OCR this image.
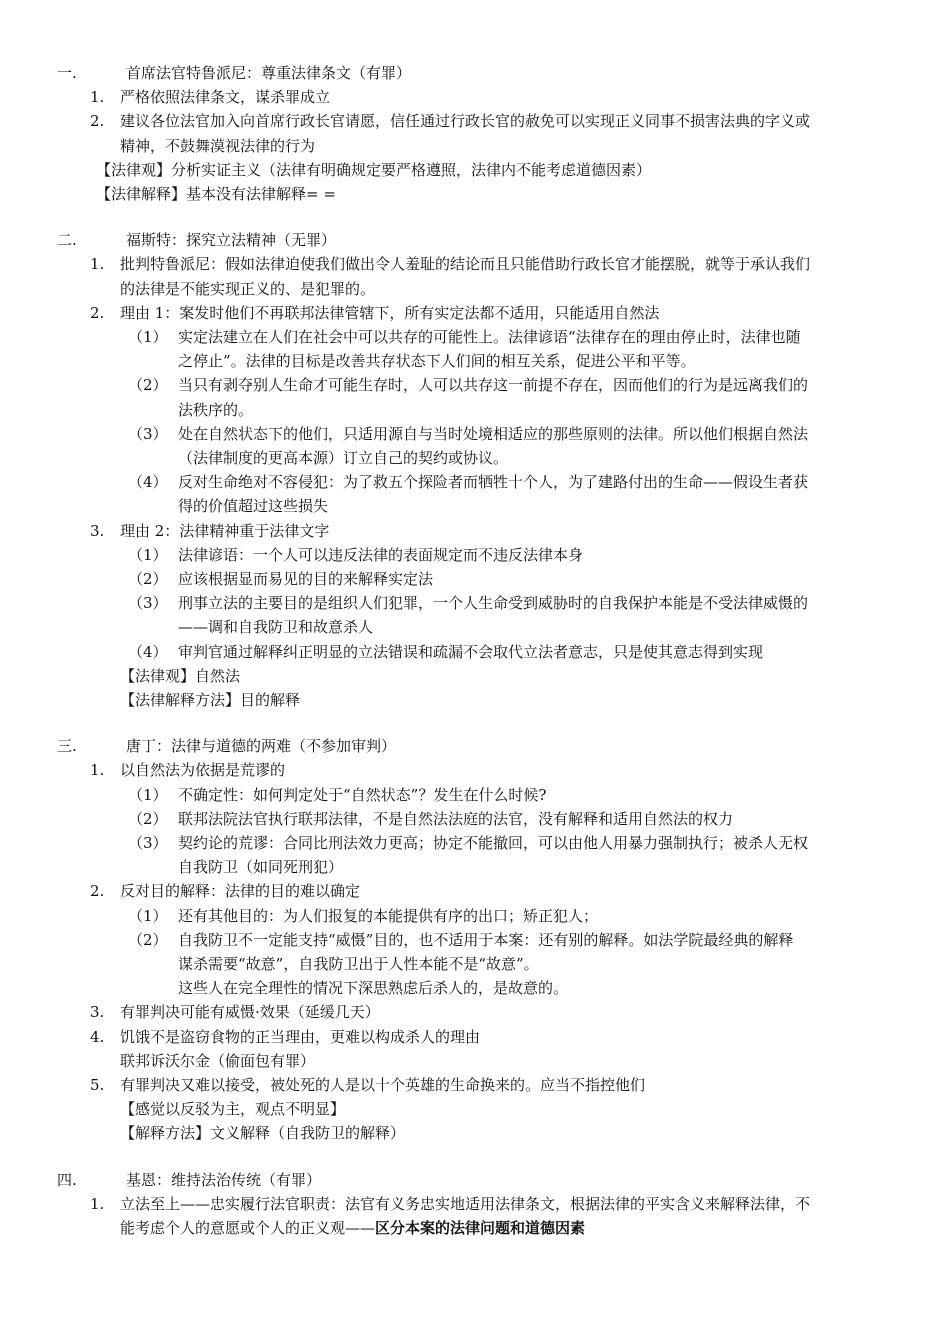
一.	首席法官特鲁派尼：尊重法律条文（有罪）
1. 严格依照法律条文，谋杀罪成立
2. 建议各位法官加入向首席行政长官请愿，信任通过行政长官的赦免可以实现正义同事不损害法典的字义或
精神，不鼓舞漠视法律的行为
【法律观】分析实证主义（法律有明确规定要严格遵照，法律内不能考虑道德因素）
【法律解释】基本没有法律解释= =
二.	福斯特：探究立法精神（无罪）
1. 批判特鲁派尼：假如法律迫使我们做出令人羞耻的结论而且只能借助行政长官才能摆脱，就等于承认我们
的法律是不能实现正义的、是犯罪的。
2. 理由 1：案发时他们不再联邦法律管辖下，所有实定法都不适用，只能适用自然法
（1） 实定法建立在人们在社会中可以共存的可能性上。法律谚语“法律存在的理由停止时，法律也随
之停止”。法律的目标是改善共存状态下人们间的相互关系，促进公平和平等。
（2） 当只有剥夺别人生命才可能生存时，人可以共存这一前提不存在，因而他们的行为是远离我们的
法秩序的。
（3） 处在自然状态下的他们，只适用源自与当时处境相适应的那些原则的法律。所以他们根据自然法
（法律制度的更高本源）订立自己的契约或协议。
（4） 反对生命绝对不容侵犯：为了救五个探险者而牺牲十个人，为了建路付出的生命——假设生者获
得的价值超过这些损失
3. 理由 2：法律精神重于法律文字
（1） 法律谚语：一个人可以违反法律的表面规定而不违反法律本身
（2） 应该根据显而易见的目的来解释实定法
（3） 刑事立法的主要目的是组织人们犯罪，一个人生命受到威胁时的自我保护本能是不受法律威慑的
——调和自我防卫和故意杀人
（4） 审判官通过解释纠正明显的立法错误和疏漏不会取代立法者意志，只是使其意志得到实现
【法律观】自然法
【法律解释方法】目的解释
三.	唐丁：法律与道德的两难（不参加审判）
1. 以自然法为依据是荒谬的
（1） 不确定性：如何判定处于“自然状态”？发生在什么时候?
（2） 联邦法院法官执行联邦法律，不是自然法法庭的法官，没有解释和适用自然法的权力
（3） 契约论的荒谬：合同比刑法效力更高；协定不能撤回，可以由他人用暴力强制执行；被杀人无权
自我防卫（如同死刑犯）
2. 反对目的解释：法律的目的难以确定
（1） 还有其他目的：为人们报复的本能提供有序的出口；矫正犯人；
（2） 自我防卫不一定能支持“威慑”目的，也不适用于本案：还有别的解释。如法学院最经典的解释
谋杀需要“故意”，自我防卫出于人性本能不是“故意”。
这些人在完全理性的情况下深思熟虑后杀人的，是故意的。
3. 有罪判决可能有威慑·效果（延缓几天）
4. 饥饿不是盗窃食物的正当理由，更难以构成杀人的理由
联邦诉沃尔金（偷面包有罪）
5. 有罪判决又难以接受，被处死的人是以十个英雄的生命换来的。应当不指控他们
【感觉以反驳为主，观点不明显】
【解释方法】文义解释（自我防卫的解释）
四.	基恩：维持法治传统（有罪）
1. 立法至上——忠实履行法官职责：法官有义务忠实地适用法律条文，根据法律的平实含义来解释法律，不
能考虑个人的意愿或个人的正义观——区分本案的法律问题和道德因素
